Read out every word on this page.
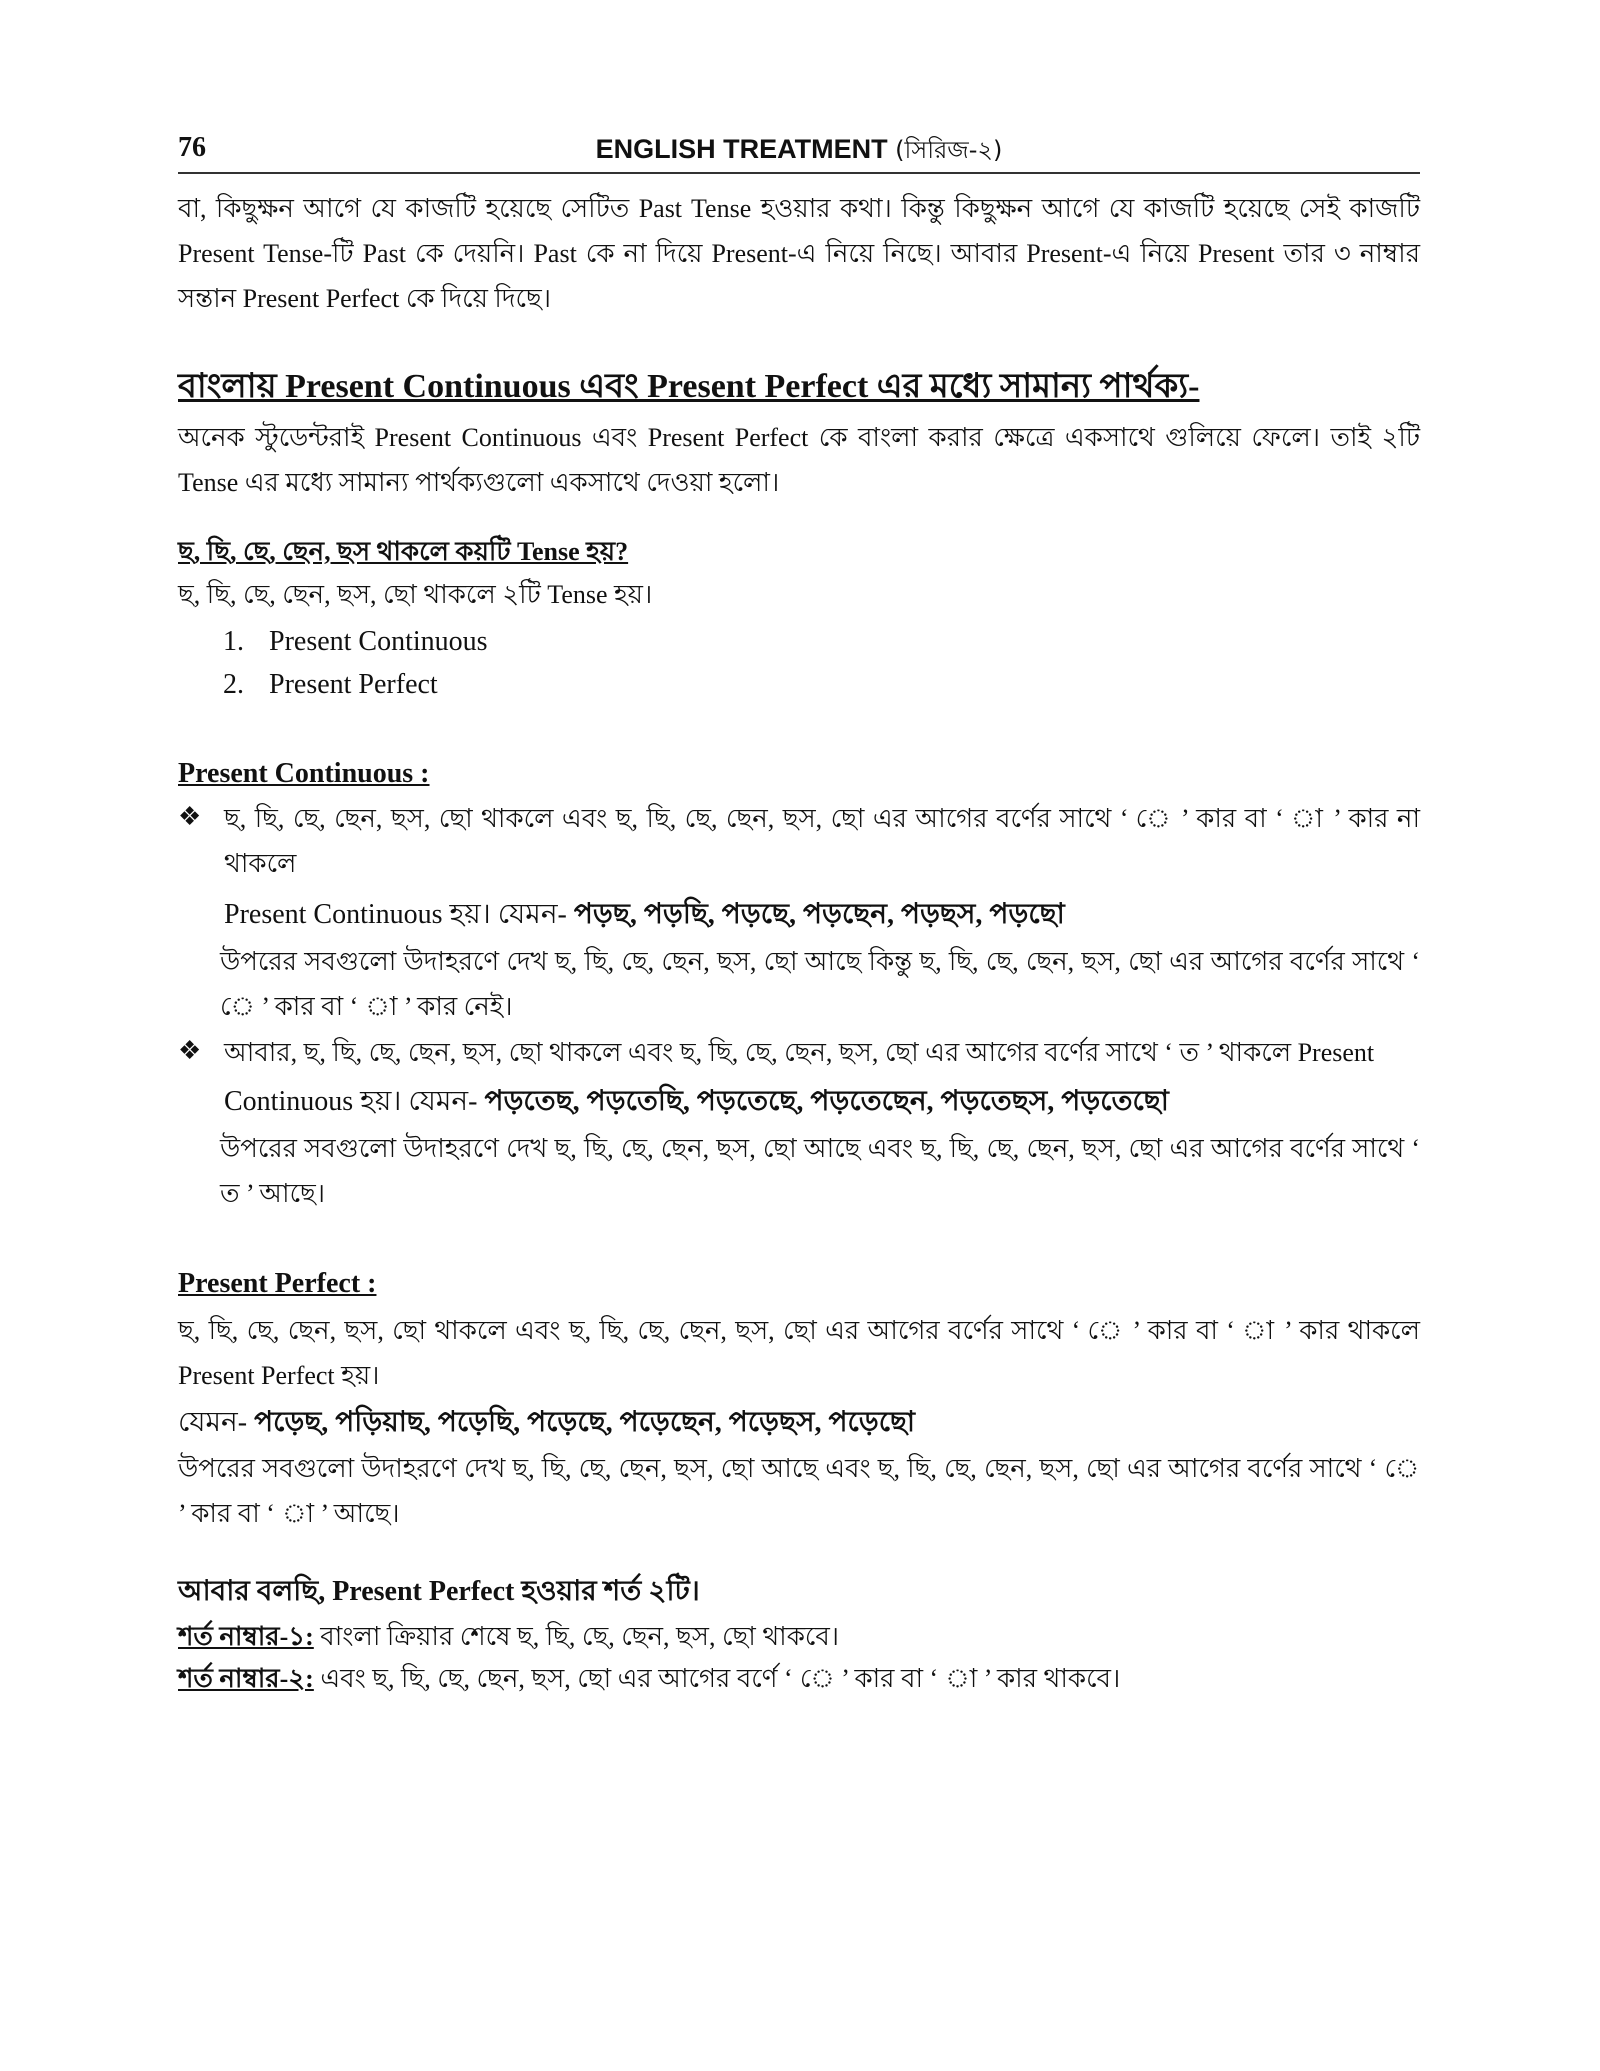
76	ENGLISH TREATMENT (সিরিজ-২)
বা, কিছুক্ষন আগে যে কাজটি হয়েছে সেটিত Past Tense হওয়ার কথা। কিন্তু কিছুক্ষন আগে যে কাজটি হয়েছে সেই কাজটি Present Tense-টি Past কে দেয়নি। Past কে না দিয়ে Present-এ নিয়ে নিছে। আবার Present-এ নিয়ে Present তার ৩ নাম্বার সন্তান Present Perfect কে দিয়ে দিছে।
বাংলায় Present Continuous এবং Present Perfect এর মধ্যে সামান্য পার্থক্য-
অনেক স্টুডেন্টরাই Present Continuous এবং Present Perfect কে বাংলা করার ক্ষেত্রে একসাথে গুলিয়ে ফেলে। তাই ২টি Tense এর মধ্যে সামান্য পার্থক্যগুলো একসাথে দেওয়া হলো।
ছ, ছি, ছে, ছেন, ছস থাকলে কয়টি Tense হয়?
ছ, ছি, ছে, ছেন, ছস, ছো থাকলে ২টি Tense হয়।
1. Present Continuous
2. Present Perfect
Present Continuous :
❖ ছ, ছি, ছে, ছেন, ছস, ছো থাকলে এবং ছ, ছি, ছে, ছেন, ছস, ছো এর আগের বর্ণের সাথে ‘ ে ’ কার বা ‘ া ’ কার না থাকলে
Present Continuous হয়। যেমন- পড়ছ, পড়ছি, পড়ছে, পড়ছেন, পড়ছস, পড়ছো
উপরের সবগুলো উদাহরণে দেখ ছ, ছি, ছে, ছেন, ছস, ছো আছে কিন্তু ছ, ছি, ছে, ছেন, ছস, ছো এর আগের বর্ণের সাথে ‘ ে ’ কার বা ‘ া ’ কার নেই।
❖ আবার, ছ, ছি, ছে, ছেন, ছস, ছো থাকলে এবং ছ, ছি, ছে, ছেন, ছস, ছো এর আগের বর্ণের সাথে ‘ ত ’ থাকলে Present
Continuous হয়। যেমন- পড়তেছ, পড়তেছি, পড়তেছে, পড়তেছেন, পড়তেছস, পড়তেছো
উপরের সবগুলো উদাহরণে দেখ ছ, ছি, ছে, ছেন, ছস, ছো আছে এবং ছ, ছি, ছে, ছেন, ছস, ছো এর আগের বর্ণের সাথে ‘ ত ’ আছে।
Present Perfect :
ছ, ছি, ছে, ছেন, ছস, ছো থাকলে এবং ছ, ছি, ছে, ছেন, ছস, ছো এর আগের বর্ণের সাথে ‘ ে ’ কার বা ‘ া ’ কার থাকলে Present Perfect হয়।
যেমন- পড়েছ, পড়িয়াছ, পড়েছি, পড়েছে, পড়েছেন, পড়েছস, পড়েছো
উপরের সবগুলো উদাহরণে দেখ ছ, ছি, ছে, ছেন, ছস, ছো আছে এবং ছ, ছি, ছে, ছেন, ছস, ছো এর আগের বর্ণের সাথে ‘ ে ’ কার বা ‘ া ’ আছে।
আবার বলছি, Present Perfect হওয়ার শর্ত ২টি।
শর্ত নাম্বার-১: বাংলা ক্রিয়ার শেষে ছ, ছি, ছে, ছেন, ছস, ছো থাকবে।
শর্ত নাম্বার-২: এবং ছ, ছি, ছে, ছেন, ছস, ছো এর আগের বর্ণে ‘ ে ’ কার বা ‘ া ’ কার থাকবে।
